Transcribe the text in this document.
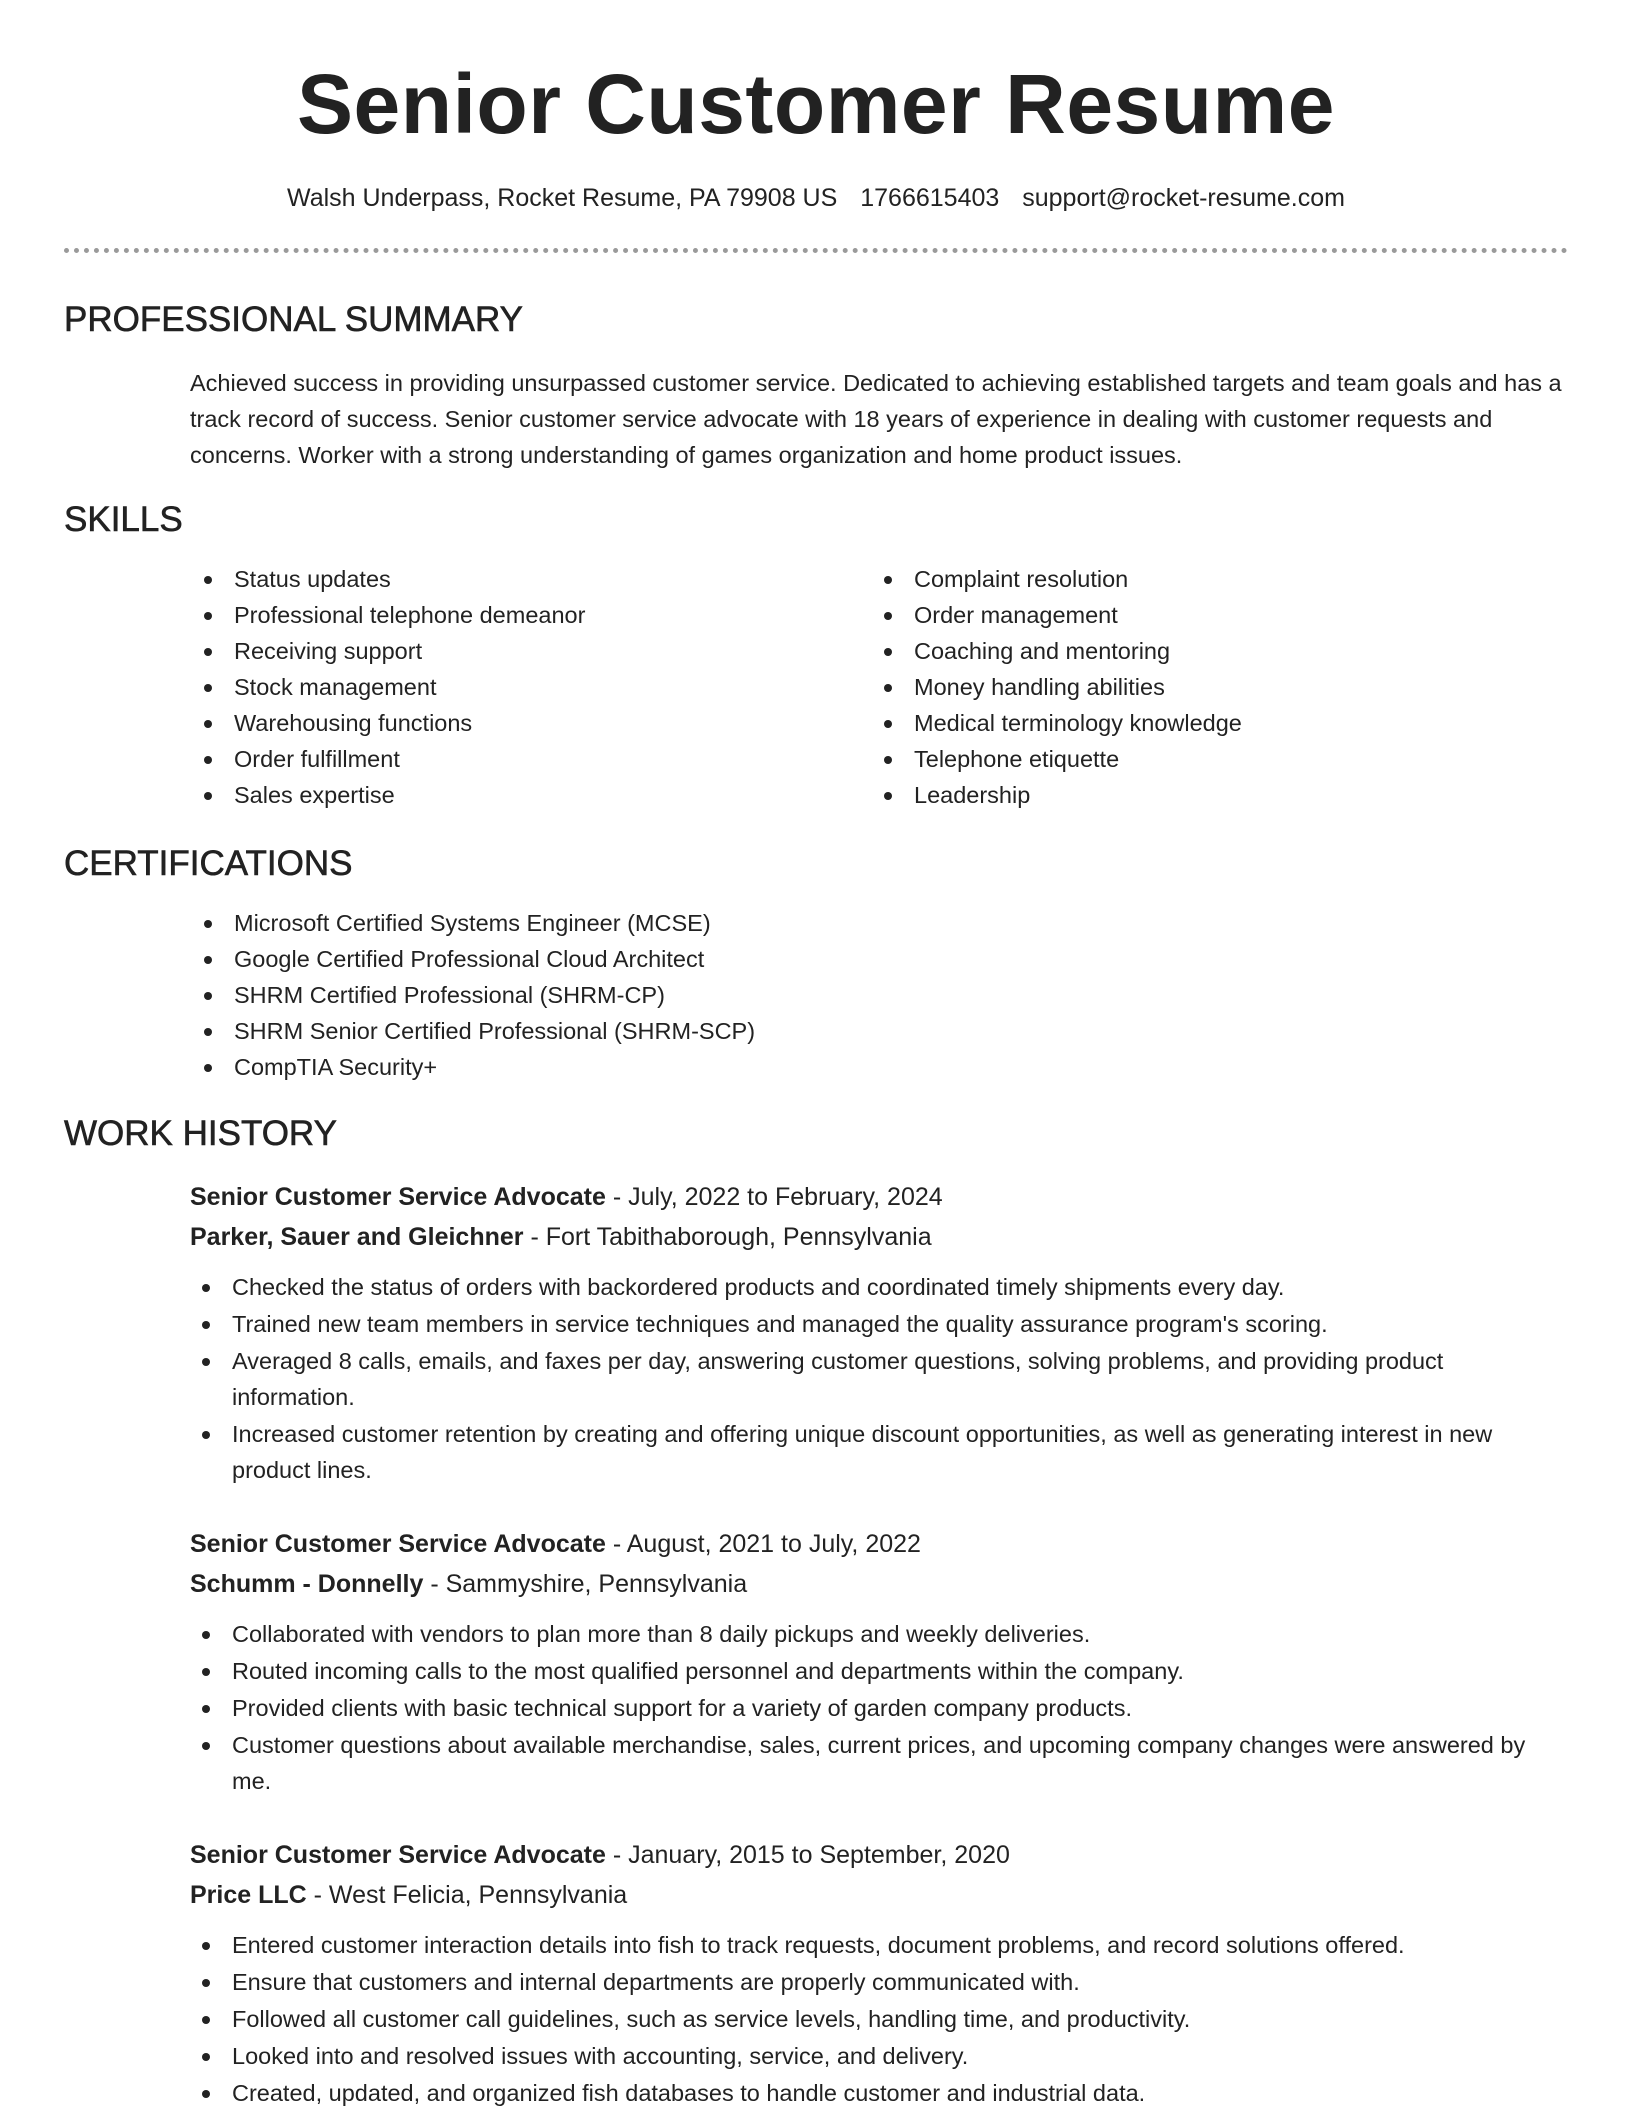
Senior Customer Resume
Walsh Underpass, Rocket Resume, PA 79908 US 1766615403 support@rocket-resume.com
PROFESSIONAL SUMMARY

Achieved success in providing unsurpassed customer service. Dedicated to achieving established targets and team goals and has a track record of success. Senior customer service advocate with 18 years of experience in dealing with customer requests and concerns. Worker with a strong understanding of games organization and home product issues.

SKILLS
Status updates
Professional telephone demeanor
Receiving support
Stock management
Warehousing functions
Order fulfillment
Sales expertise
Complaint resolution
Order management
Coaching and mentoring
Money handling abilities
Medical terminology knowledge
Telephone etiquette
Leadership
CERTIFICATIONS
Microsoft Certified Systems Engineer (MCSE)
Google Certified Professional Cloud Architect
SHRM Certified Professional (SHRM-CP)
SHRM Senior Certified Professional (SHRM-SCP)
CompTIA Security+
WORK HISTORY
Senior Customer Service Advocate - July, 2022 to February, 2024
Parker, Sauer and Gleichner - Fort Tabithaborough, Pennsylvania
Checked the status of orders with backordered products and coordinated timely shipments every day.
Trained new team members in service techniques and managed the quality assurance program's scoring.
Averaged 8 calls, emails, and faxes per day, answering customer questions, solving problems, and providing product information.
Increased customer retention by creating and offering unique discount opportunities, as well as generating interest in new product lines.
Senior Customer Service Advocate - August, 2021 to July, 2022
Schumm - Donnelly - Sammyshire, Pennsylvania
Collaborated with vendors to plan more than 8 daily pickups and weekly deliveries.
Routed incoming calls to the most qualified personnel and departments within the company.
Provided clients with basic technical support for a variety of garden company products.
Customer questions about available merchandise, sales, current prices, and upcoming company changes were answered by me.
Senior Customer Service Advocate - January, 2015 to September, 2020
Price LLC - West Felicia, Pennsylvania
Entered customer interaction details into fish to track requests, document problems, and record solutions offered.
Ensure that customers and internal departments are properly communicated with.
Followed all customer call guidelines, such as service levels, handling time, and productivity.
Looked into and resolved issues with accounting, service, and delivery.
Created, updated, and organized fish databases to handle customer and industrial data.
